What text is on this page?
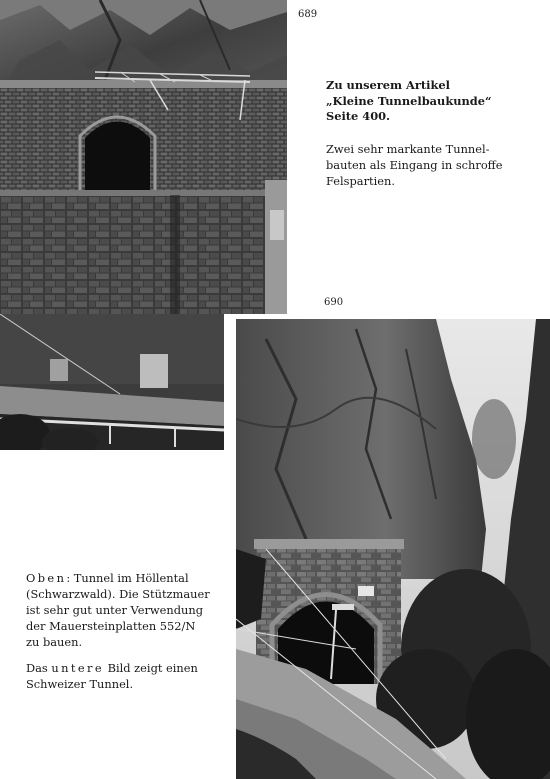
689
690
Zu unserem Artikel
„Kleine Tunnelbaukunde“
Seite 400.
Zwei sehr markante Tunnel-
bauten als Eingang in schroffe
Felspartien.
Oben: Tunnel im Höllental
(Schwarzwald). Die Stützmauer
ist sehr gut unter Verwendung
der Mauersteinplatten 552/N
zu bauen.
Das untere Bild zeigt einen
Schweizer Tunnel.
